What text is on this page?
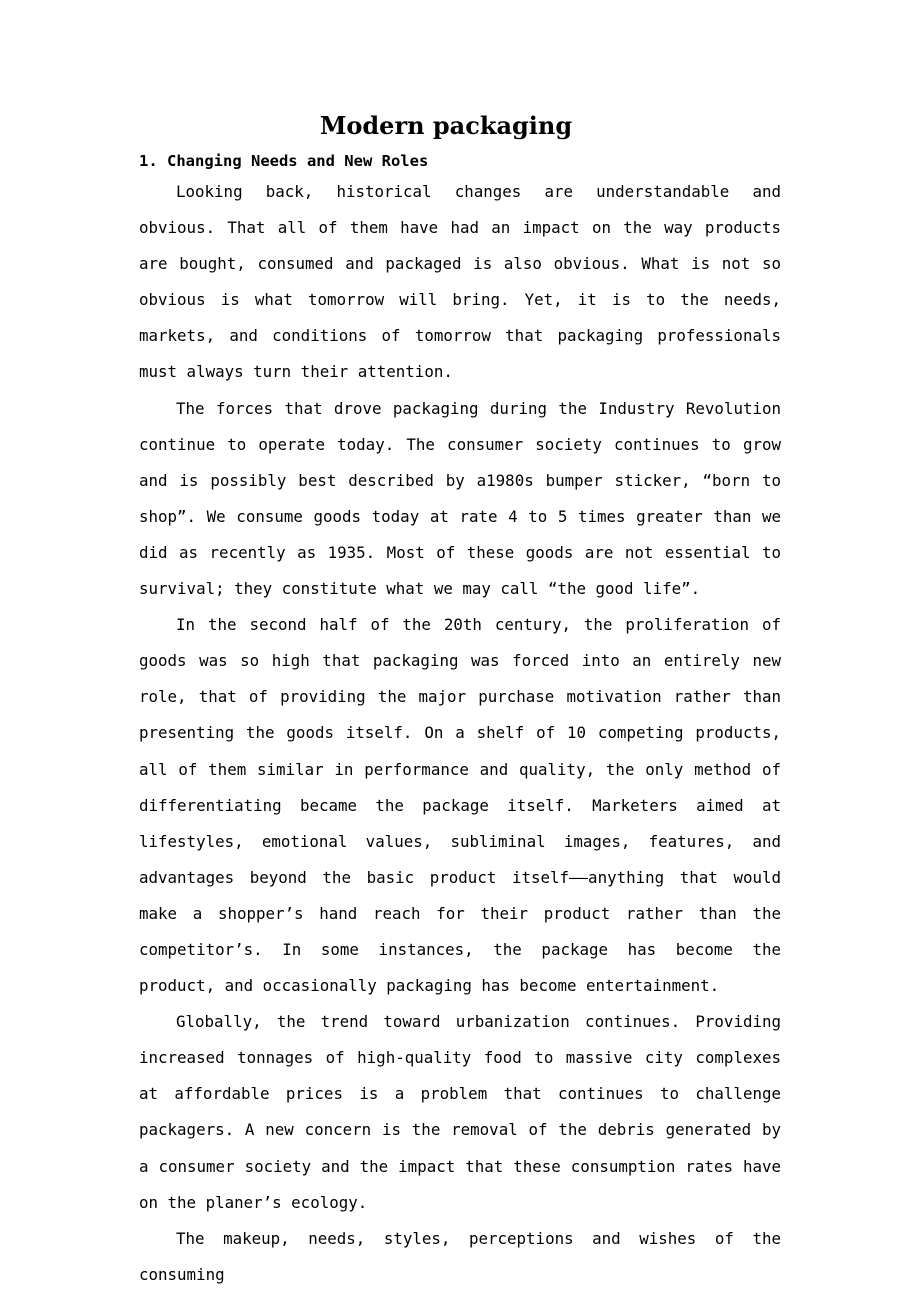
Modern packaging
1. Changing Needs and New Roles

Looking back, historical changes are understandable and obvious. That all of them have had an impact on the way products are bought, consumed and packaged is also obvious. What is not so obvious is what tomorrow will bring. Yet, it is to the needs, markets, and conditions of tomorrow that packaging professionals must always turn their attention.

The forces that drove packaging during the Industry Revolution continue to operate today. The consumer society continues to grow and is possibly best described by a1980s bumper sticker, “born to shop”. We consume goods today at rate 4 to 5 times greater than we did as recently as 1935. Most of these goods are not essential to survival; they constitute what we may call “the good life”.

In the second half of the 20th century, the proliferation of goods was so high that packaging was forced into an entirely new role, that of providing the major purchase motivation rather than presenting the goods itself. On a shelf of 10 competing products, all of them similar in performance and quality, the only method of differentiating became the package itself. Marketers aimed at lifestyles, emotional values, subliminal images, features, and advantages beyond the basic product itself——anything that would make a shopper’s hand reach for their product rather than the competitor’s. In some instances, the package has become the product, and occasionally packaging has become entertainment.

Globally, the trend toward urbanization continues. Providing increased tonnages of high-quality food to massive city complexes at affordable prices is a problem that continues to challenge packagers. A new concern is the removal of the debris generated by a consumer society and the impact that these consumption rates have on the planer’s ecology.

The makeup, needs, styles, perceptions and wishes of the consuming
